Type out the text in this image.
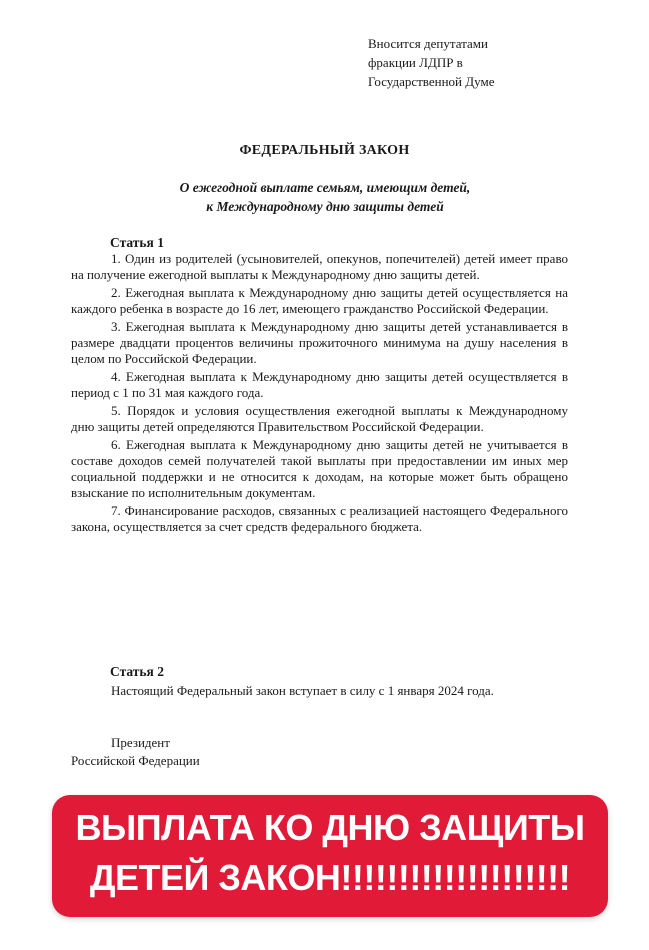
Вносится депутатами
фракции ЛДПР в
Государственной Думе
ФЕДЕРАЛЬНЫЙ ЗАКОН
О ежегодной выплате семьям, имеющим детей,
к Международному дню защиты детей
Статья 1

1. Один из родителей (усыновителей, опекунов, попечителей) детей имеет право на получение ежегодной выплаты к Международному дню защиты детей.

2. Ежегодная выплата к Международному дню защиты детей осуществляется на каждого ребенка в возрасте до 16 лет, имеющего гражданство Российской Федерации.

3. Ежегодная выплата к Международному дню защиты детей устанавливается в размере двадцати процентов величины прожиточного минимума на душу населения в целом по Российской Федерации.

4. Ежегодная выплата к Международному дню защиты детей осуществляется в период с 1 по 31 мая каждого года.

5. Порядок и условия осуществления ежегодной выплаты к Международному дню защиты детей определяются Правительством Российской Федерации.

6. Ежегодная выплата к Международному дню защиты детей не учитывается в составе доходов семей получателей такой выплаты при предоставлении им иных мер социальной поддержки и не относится к доходам, на которые может быть обращено взыскание по исполнительным документам.

7. Финансирование расходов, связанных с реализацией настоящего Федерального закона, осуществляется за счет средств федерального бюджета.

Статья 2
Настоящий Федеральный закон вступает в силу с 1 января 2024 года.
Президент
Российской Федерации
ВЫПЛАТА КО ДНЮ ЗАЩИТЫ
ДЕТЕЙ ЗАКОН!!!!!!!!!!!!!!!!!!!!
